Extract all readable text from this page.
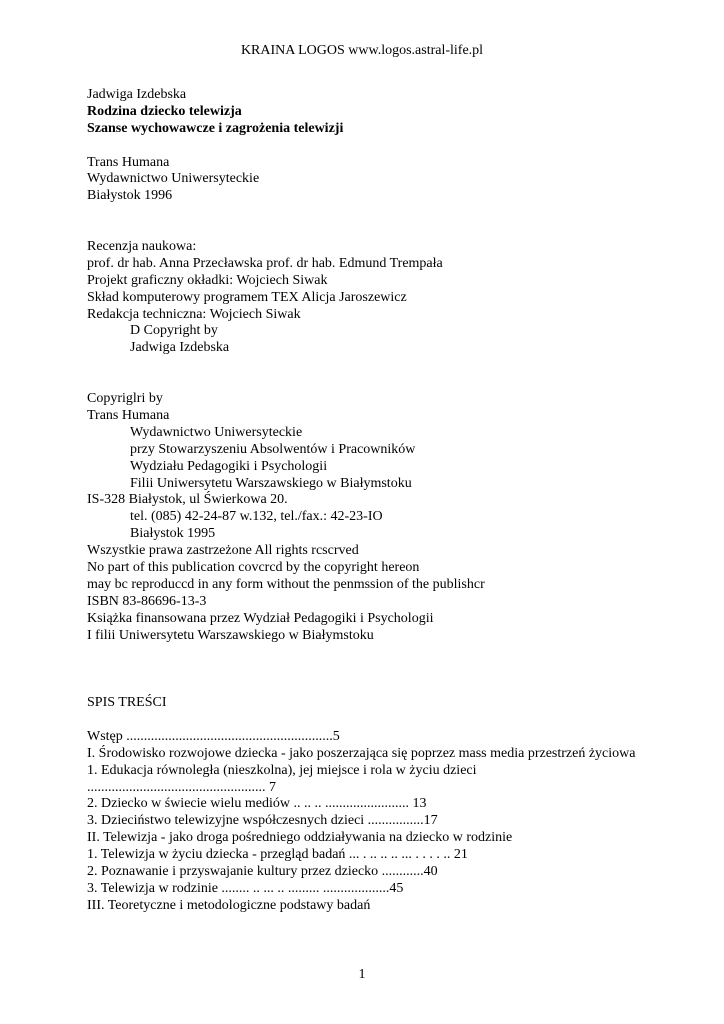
KRAINA LOGOS www.logos.astral-life.pl
Jadwiga Izdebska
Rodzina dziecko telewizja
Szanse wychowawcze i zagrożenia telewizji
Trans Humana
Wydawnictwo Uniwersyteckie
Białystok 1996
Recenzja naukowa:
prof. dr hab. Anna Przecławska prof. dr hab. Edmund Trempała
Projekt graficzny okładki: Wojciech Siwak
Skład komputerowy programem TEX Alicja Jaroszewicz
Redakcja techniczna: Wojciech Siwak
D Copyright by
Jadwiga Izdebska
Copyriglri by
Trans Humana
Wydawnictwo Uniwersyteckie
przy Stowarzyszeniu Absolwentów i Pracowników
Wydziału Pedagogiki i Psychologii
Filii Uniwersytetu Warszawskiego w Białymstoku
IS-328 Białystok, ul Świerkowa 20.
tel. (085) 42-24-87 w.132, tel./fax.: 42-23-IO
Białystok 1995
Wszystkie prawa zastrzeżone All rights rcscrved
No part of this publication covcrcd by the copyright hereon
may bc reproduccd in any form without the penmssion of the publishcr
ISBN 83-86696-13-3
Książka finansowana przez Wydział Pedagogiki i Psychologii
I filii Uniwersytetu Warszawskiego w Białymstoku
SPIS TREŚCI
Wstęp ...........................................................5
I. Środowisko rozwojowe dziecka - jako poszerzająca się poprzez mass media przestrzeń życiowa
1. Edukacja równoległa (nieszkolna), jej miejsce i rola w życiu dzieci
................................................... 7
2. Dziecko w świecie wielu mediów .. .. .. ........................ 13
3. Dzieciństwo telewizyjne współczesnych dzieci ................17
II. Telewizja - jako droga pośredniego oddziaływania na dziecko w rodzinie
1. Telewizja w życiu dziecka - przegląd badań ... . .. .. .. ... . . . . .. 21
2. Poznawanie i przyswajanie kultury przez dziecko ............40
3. Telewizja w rodzinie ........ .. ... .. ......... ...................45
III. Teoretyczne i metodologiczne podstawy badań
1
